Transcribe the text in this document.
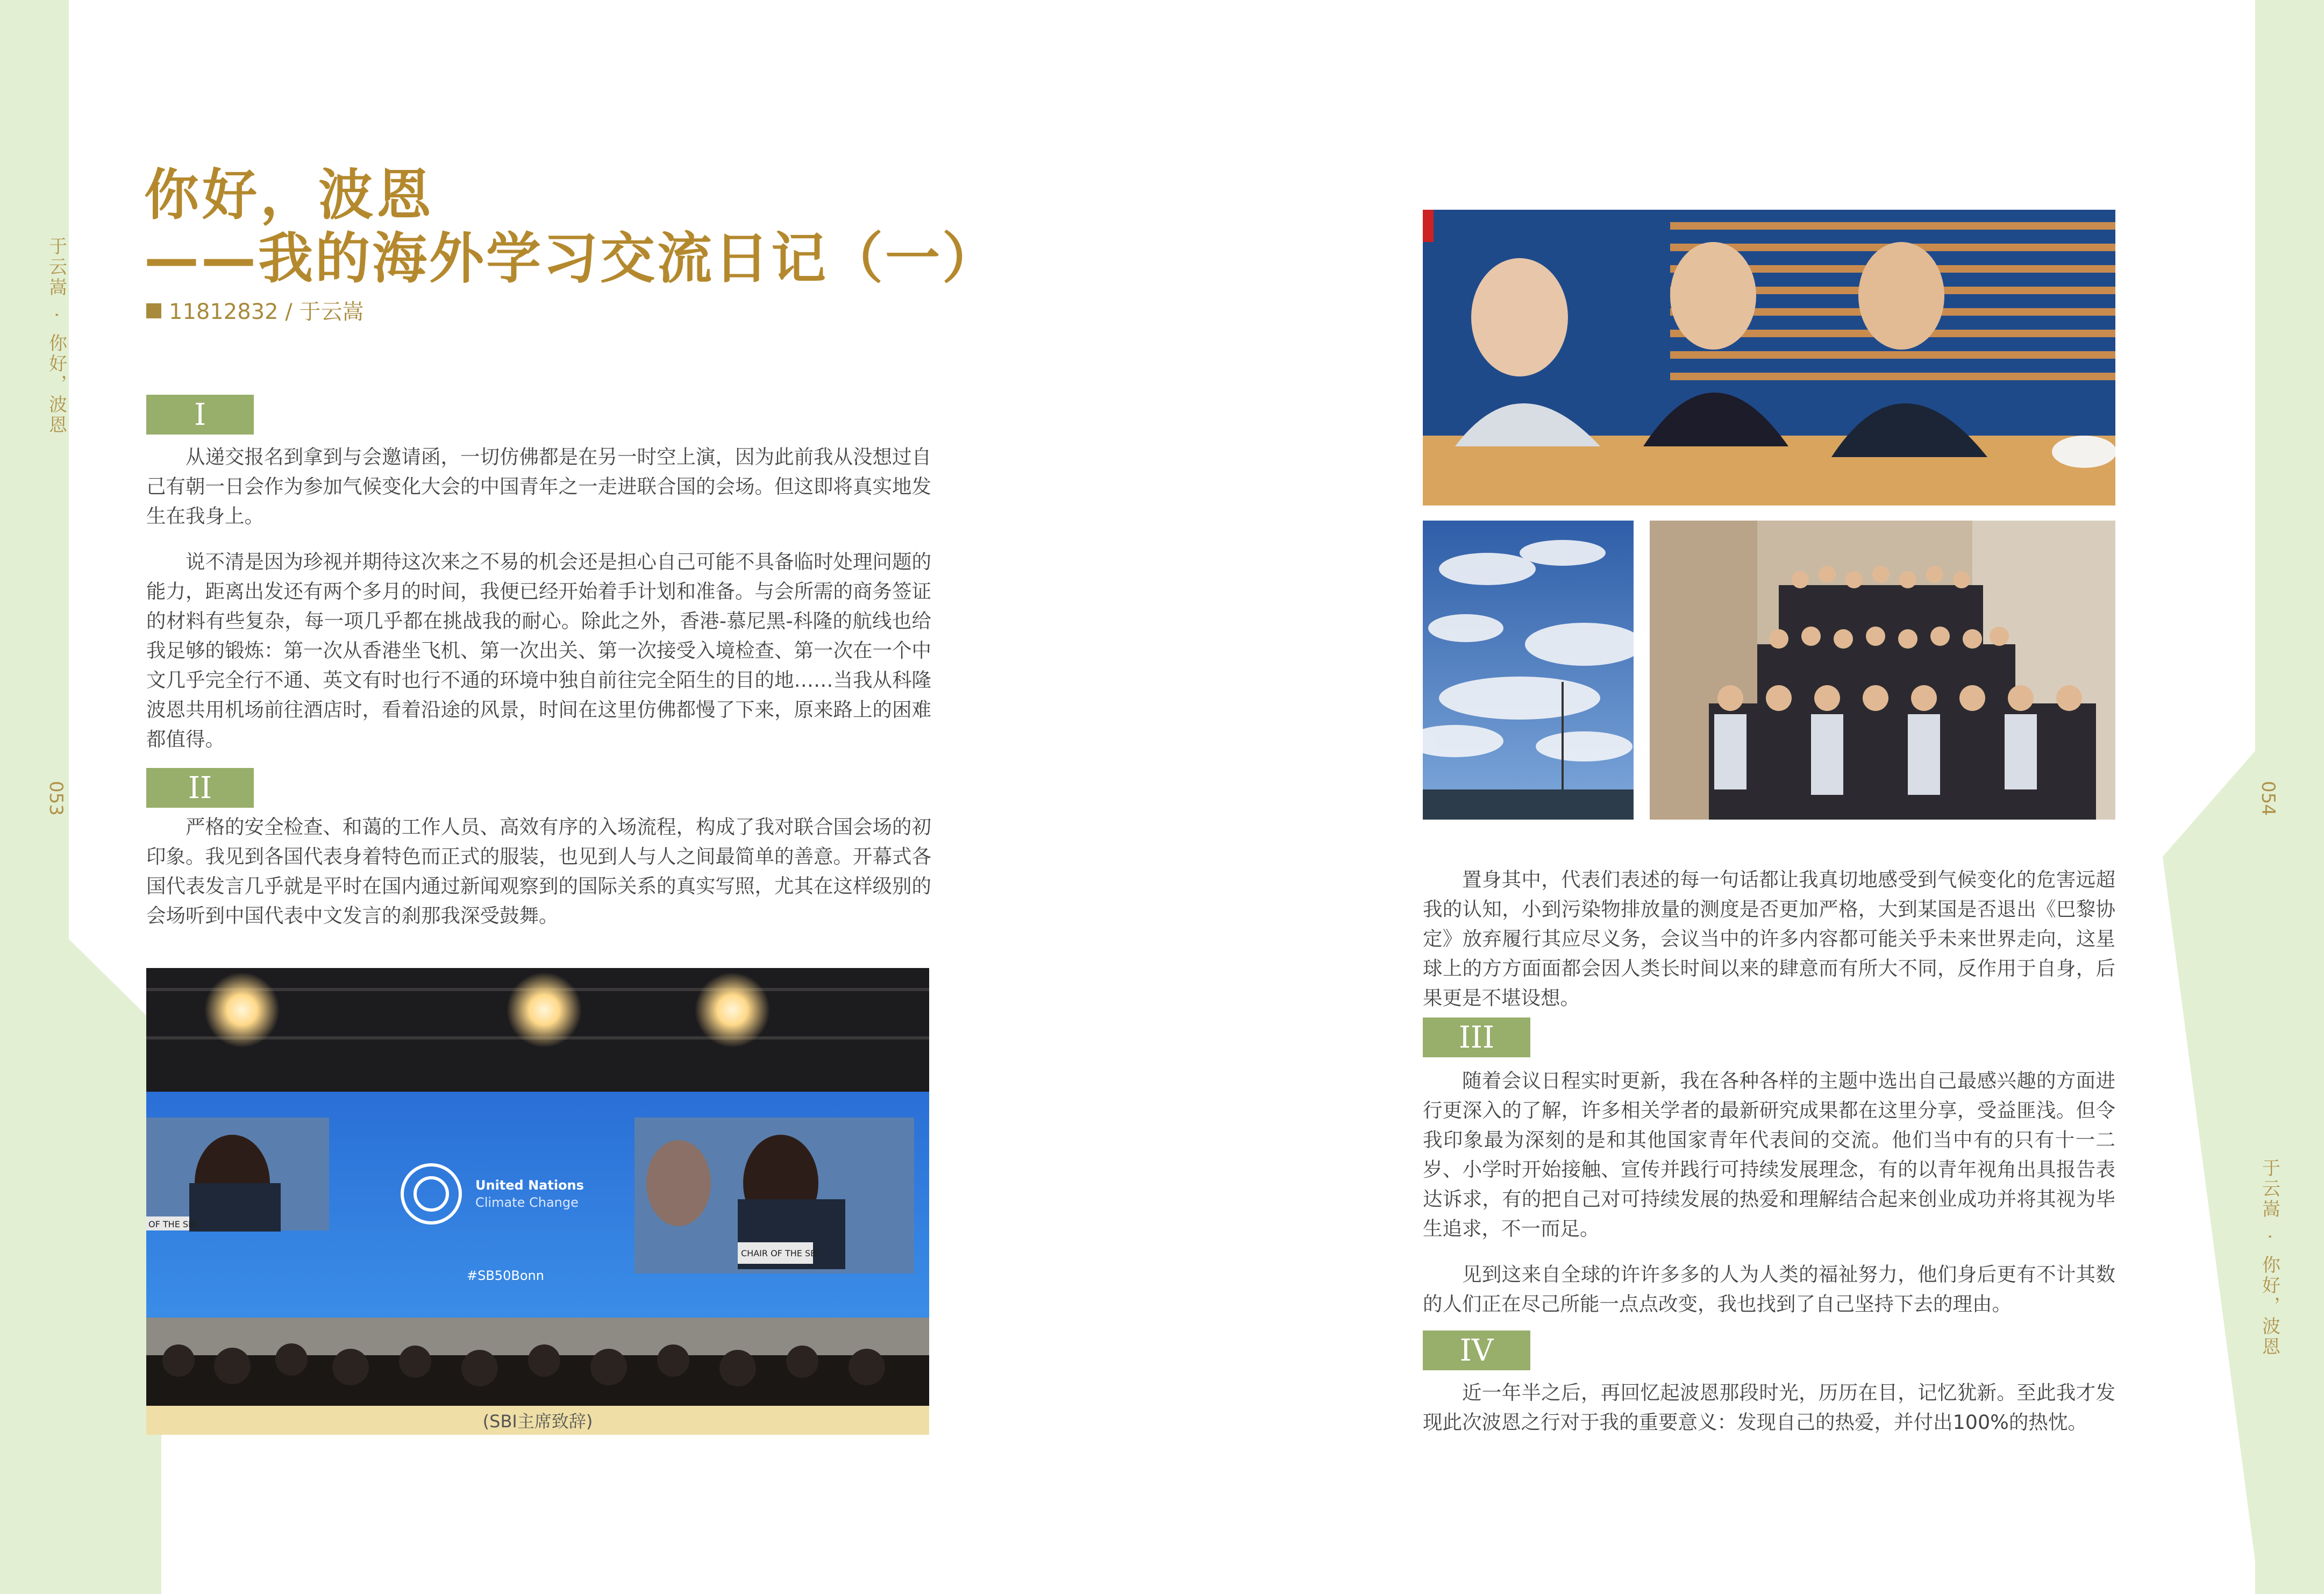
于云嵩
·
你好，波恩
053
于云嵩
·
你好，波恩
054
你好，波恩
——我的海外学习交流日记（一）
11812832 / 于云嵩
I

从递交报名到拿到与会邀请函，一切仿佛都是在另一时空上演，因为此前我从没想过自己有朝一日会作为参加气候变化大会的中国青年之一走进联合国的会场。但这即将真实地发生在我身上。

说不清是因为珍视并期待这次来之不易的机会还是担心自己可能不具备临时处理问题的能力，距离出发还有两个多月的时间，我便已经开始着手计划和准备。与会所需的商务签证的材料有些复杂，每一项几乎都在挑战我的耐心。除此之外，香港-慕尼黑-科隆的航线也给我足够的锻炼：第一次从香港坐飞机、第一次出关、第一次接受入境检查、第一次在一个中文几乎完全行不通、英文有时也行不通的环境中独自前往完全陌生的目的地……当我从科隆波恩共用机场前往酒店时，看着沿途的风景，时间在这里仿佛都慢了下来，原来路上的困难都值得。

II

严格的安全检查、和蔼的工作人员、高效有序的入场流程，构成了我对联合国会场的初印象。我见到各国代表身着特色而正式的服装，也见到人与人之间最简单的善意。开幕式各国代表发言几乎就是平时在国内通过新闻观察到的国际关系的真实写照，尤其在这样级别的会场听到中国代表中文发言的刹那我深受鼓舞。

OF THE SBI
CHAIR OF THE SBI
United Nations
Climate Change
#SB50Bonn
(SBI主席致辞)

置身其中，代表们表述的每一句话都让我真切地感受到气候变化的危害远超我的认知，小到污染物排放量的测度是否更加严格，大到某国是否退出《巴黎协定》放弃履行其应尽义务，会议当中的许多内容都可能关乎未来世界走向，这星球上的方方面面都会因人类长时间以来的肆意而有所大不同，反作用于自身，后果更是不堪设想。

III

随着会议日程实时更新，我在各种各样的主题中选出自己最感兴趣的方面进行更深入的了解，许多相关学者的最新研究成果都在这里分享，受益匪浅。但令我印象最为深刻的是和其他国家青年代表间的交流。他们当中有的只有十一二岁、小学时开始接触、宣传并践行可持续发展理念，有的以青年视角出具报告表达诉求，有的把自己对可持续发展的热爱和理解结合起来创业成功并将其视为毕生追求，不一而足。

见到这来自全球的许许多多的人为人类的福祉努力，他们身后更有不计其数的人们正在尽己所能一点点改变，我也找到了自己坚持下去的理由。

IV

近一年半之后，再回忆起波恩那段时光，历历在目，记忆犹新。至此我才发现此次波恩之行对于我的重要意义：发现自己的热爱，并付出100%的热忱。
